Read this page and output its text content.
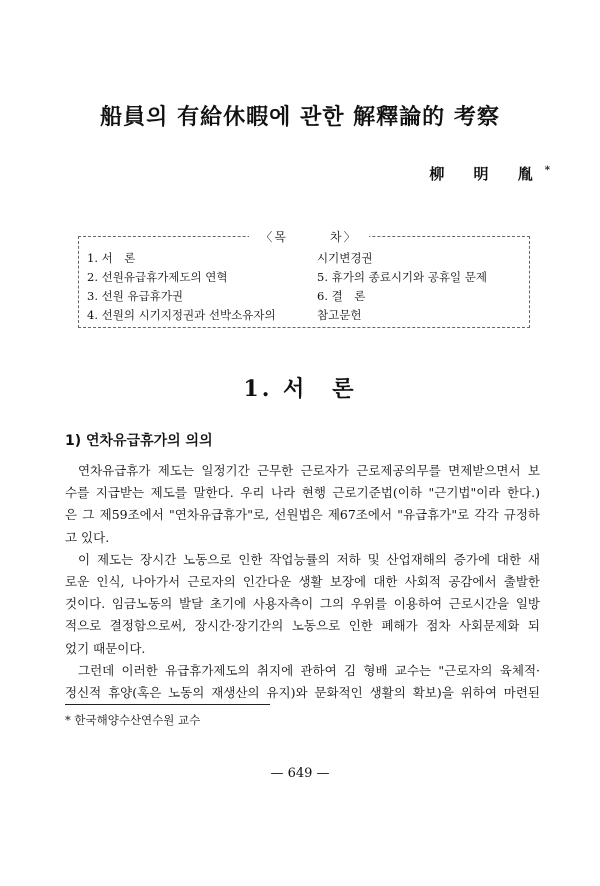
船員의 有給休暇에 관한 解釋論的 考察
柳 明 胤*
〈목　　　차〉
1. 서　론
2. 선원유급휴가제도의 연혁
3. 선원 유급휴가권
4. 선원의 시기지정권과 선박소유자의
시기변경권
5. 휴가의 종료시기와 공휴일 문제
6. 결　론
참고문헌
1. 서　론
1) 연차유급휴가의 의의
연차유급휴가 제도는 일정기간 근무한 근로자가 근로제공의무를 면제받으면서 보
수를 지급받는 제도를 말한다. 우리 나라 현행 근로기준법(이하 "근기법"이라 한다.)
은 그 제59조에서 "연차유급휴가"로, 선원법은 제67조에서 "유급휴가"로 각각 규정하
고 있다.
이 제도는 장시간 노동으로 인한 작업능률의 저하 및 산업재해의 증가에 대한 새
로운 인식, 나아가서 근로자의 인간다운 생활 보장에 대한 사회적 공감에서 출발한
것이다. 임금노동의 발달 초기에 사용자측이 그의 우위를 이용하여 근로시간을 일방
적으로 결정함으로써, 장시간·장기간의 노동으로 인한 폐해가 점차 사회문제화 되
었기 때문이다.
그런데 이러한 유급휴가제도의 취지에 관하여 김 형배 교수는 "근로자의 육체적·
정신적 휴양(혹은 노동의 재생산의 유지)와 문화적인 생활의 확보)을 위하여 마련된
* 한국해양수산연수원 교수
— 649 —
